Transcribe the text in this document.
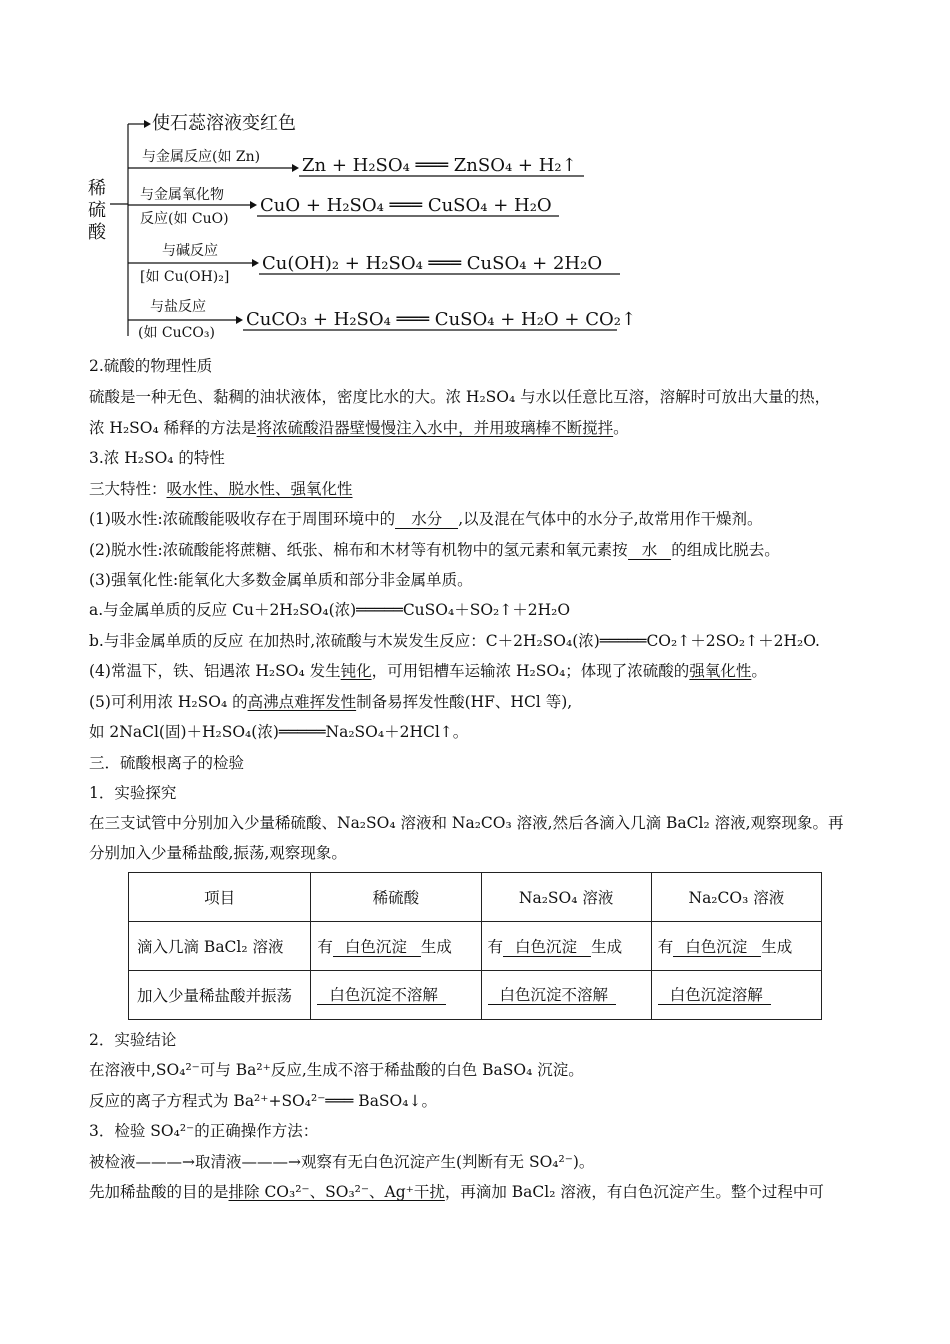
稀
硫
酸
使石蕊溶液变红色
与金属反应(如 Zn) Zn + H₂SO₄ ═══ ZnSO₄ + H₂↑
与金属氧化物
反应(如 CuO)
CuO + H₂SO₄ ═══ CuSO₄ + H₂O
与碱反应
[如 Cu(OH)₂]
Cu(OH)₂ + H₂SO₄ ═══ CuSO₄ + 2H₂O
与盐反应
(如 CuCO₃)
CuCO₃ + H₂SO₄ ═══ CuSO₄ + H₂O + CO₂↑
2.硫酸的物理性质
硫酸是一种无色、黏稠的油状液体，密度比水的大。浓 H₂SO₄ 与水以任意比互溶，溶解时可放出大量的热，
浓 H₂SO₄ 稀释的方法是将浓硫酸沿器壁慢慢注入水中，并用玻璃棒不断搅拌。
3.浓 H₂SO₄ 的特性
三大特性：吸水性、脱水性、强氧化性
(1)吸水性:浓硫酸能吸收存在于周围环境中的 水分 ,以及混在气体中的水分子,故常用作干燥剂。
(2)脱水性:浓硫酸能将蔗糖、纸张、棉布和木材等有机物中的氢元素和氧元素按 水 的组成比脱去。
(3)强氧化性:能氧化大多数金属单质和部分非金属单质。
a.与金属单质的反应 Cu＋2H₂SO₄(浓)═════CuSO₄＋SO₂↑＋2H₂O
b.与非金属单质的反应 在加热时,浓硫酸与木炭发生反应：C＋2H₂SO₄(浓)═════CO₂↑＋2SO₂↑＋2H₂O.
(4)常温下，铁、铝遇浓 H₂SO₄ 发生钝化，可用铝槽车运输浓 H₂SO₄；体现了浓硫酸的强氧化性。
(5)可利用浓 H₂SO₄ 的高沸点难挥发性制备易挥发性酸(HF、HCl 等),
如 2NaCl(固)＋H₂SO₄(浓)═════Na₂SO₄＋2HCl↑。
三．硫酸根离子的检验
1．实验探究
在三支试管中分别加入少量稀硫酸、Na₂SO₄ 溶液和 Na₂CO₃ 溶液,然后各滴入几滴 BaCl₂ 溶液,观察现象。再
分别加入少量稀盐酸,振荡,观察现象。
项目	稀硫酸	Na₂SO₄ 溶液	Na₂CO₃ 溶液
滴入几滴 BaCl₂ 溶液	有 白色沉淀 生成	有 白色沉淀 生成	有 白色沉淀 生成
加入少量稀盐酸并振荡	白色沉淀不溶解	白色沉淀不溶解	白色沉淀溶解
2．实验结论
在溶液中,SO₄²⁻可与 Ba²⁺反应,生成不溶于稀盐酸的白色 BaSO₄ 沉淀。
反应的离子方程式为 Ba²⁺+SO₄²⁻═══ BaSO₄↓。
3．检验 SO₄²⁻的正确操作方法：
被检液———→取清液———→观察有无白色沉淀产生(判断有无 SO₄²⁻)。
先加稀盐酸的目的是排除 CO₃²⁻、SO₃²⁻、Ag⁺干扰，再滴加 BaCl₂ 溶液，有白色沉淀产生。整个过程中可
